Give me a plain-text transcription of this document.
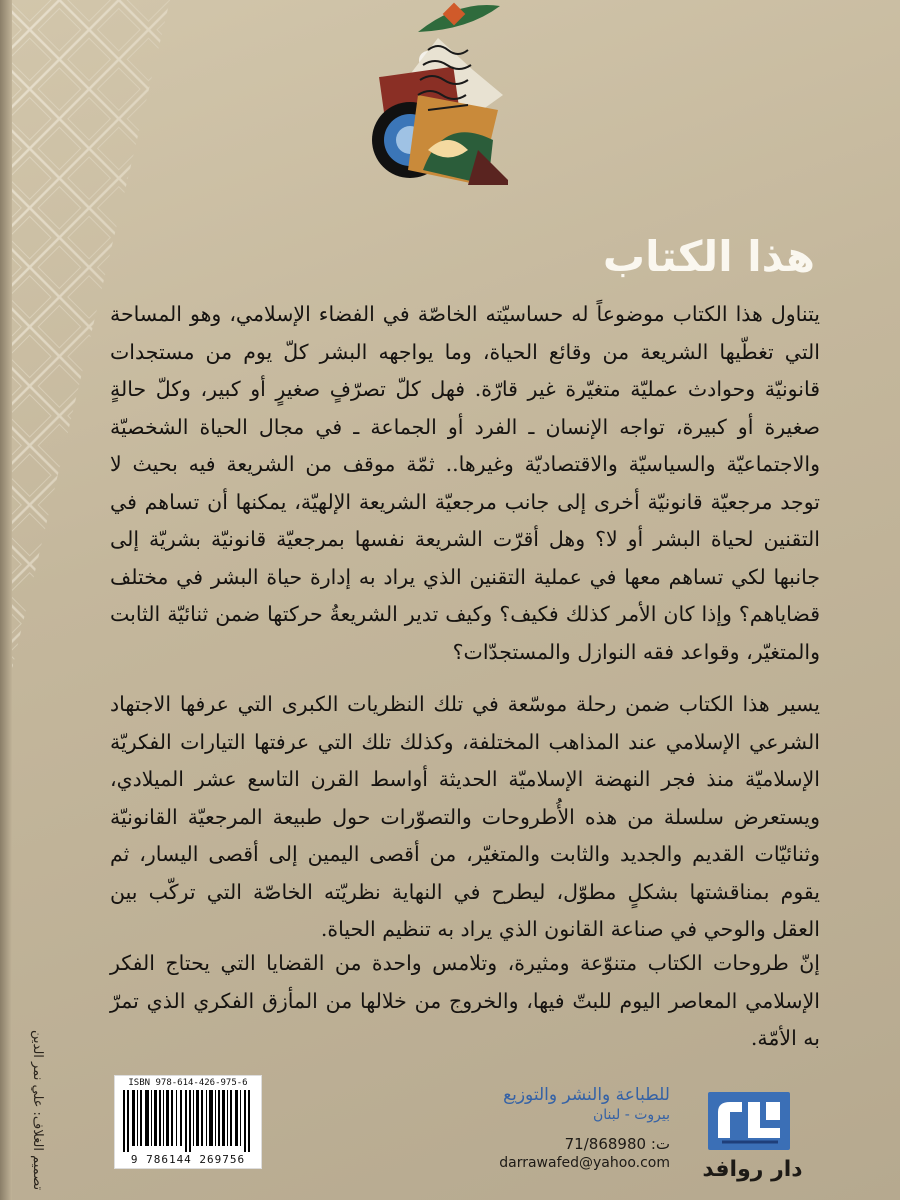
هذا الكتاب

يتناول هذا الكتاب موضوعاً له حساسيّته الخاصّة في الفضاء الإسلامي، وهو المساحة التي تغطّيها الشريعة من وقائع الحياة، وما يواجهه البشر كلّ يوم من مستجدات قانونيّة وحوادث عمليّة متغيّرة غير قارّة. فهل كلّ تصرّفٍ صغيرٍ أو كبير، وكلّ حالةٍ صغيرة أو كبيرة، تواجه الإنسان ـ الفرد أو الجماعة ـ في مجال الحياة الشخصيّة والاجتماعيّة والسياسيّة والاقتصاديّة وغيرها.. ثمّة موقف من الشريعة فيه بحيث لا توجد مرجعيّة قانونيّة أخرى إلى جانب مرجعيّة الشريعة الإلهيّة، يمكنها أن تساهم في التقنين لحياة البشر أو لا؟ وهل أقرّت الشريعة نفسها بمرجعيّة قانونيّة بشريّة إلى جانبها لكي تساهم معها في عملية التقنين الذي يراد به إدارة حياة البشر في مختلف قضاياهم؟ وإذا كان الأمر كذلك فكيف؟ وكيف تدير الشريعةُ حركتها ضمن ثنائيّة الثابت والمتغيّر، وقواعد فقه النوازل والمستجدّات؟

يسير هذا الكتاب ضمن رحلة موسّعة في تلك النظريات الكبرى التي عرفها الاجتهاد الشرعي الإسلامي عند المذاهب المختلفة، وكذلك تلك التي عرفتها التيارات الفكريّة الإسلاميّة منذ فجر النهضة الإسلاميّة الحديثة أواسط القرن التاسع عشر الميلادي، ويستعرض سلسلة من هذه الأُطروحات والتصوّرات حول طبيعة المرجعيّة القانونيّة وثنائيّات القديم والجديد والثابت والمتغيّر، من أقصى اليمين إلى أقصى اليسار، ثم يقوم بمناقشتها بشكلٍ مطوّل، ليطرح في النهاية نظريّته الخاصّة التي تركّب بين العقل والوحي في صناعة القانون الذي يراد به تنظيم الحياة.

إنّ طروحات الكتاب متنوّعة ومثيرة، وتلامس واحدة من القضايا التي يحتاج الفكر الإسلامي المعاصر اليوم للبتّ فيها، والخروج من خلالها من المأزق الفكري الذي تمرّ به الأمّة.

تصميم الغلاف: علي نمر الدين	ISBN 978-614-426-975-6
9 786144 269756

للطباعة والنشر والتوزيع

بيروت - لبنان

ت: 71/868980

darrawafed@yahoo.com	دار روافد
